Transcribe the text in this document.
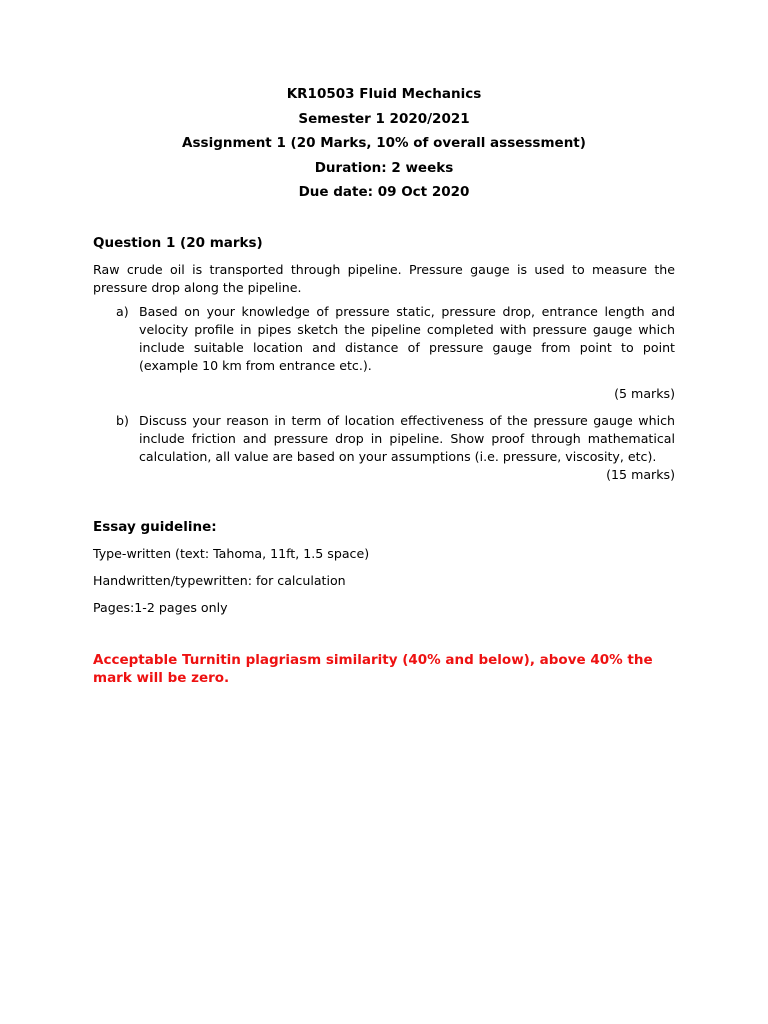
KR10503 Fluid Mechanics
Semester 1 2020/2021
Assignment 1 (20 Marks, 10% of overall assessment)
Duration: 2 weeks
Due date: 09 Oct 2020
Question 1 (20 marks)
Raw crude oil is transported through pipeline. Pressure gauge is used to measure the pressure drop along the pipeline.
a) Based on your knowledge of pressure static, pressure drop, entrance length and velocity profile in pipes sketch the pipeline completed with pressure gauge which include suitable location and distance of pressure gauge from point to point (example 10 km from entrance etc.).
(5 marks)
b) Discuss your reason in term of location effectiveness of the pressure gauge which include friction and pressure drop in pipeline. Show proof through mathematical calculation, all value are based on your assumptions (i.e. pressure, viscosity, etc).
(15 marks)
Essay guideline:
Type-written (text: Tahoma, 11ft, 1.5 space)
Handwritten/typewritten: for calculation
Pages:1-2 pages only
Acceptable Turnitin plagriasm similarity (40% and below), above 40% the mark will be zero.
